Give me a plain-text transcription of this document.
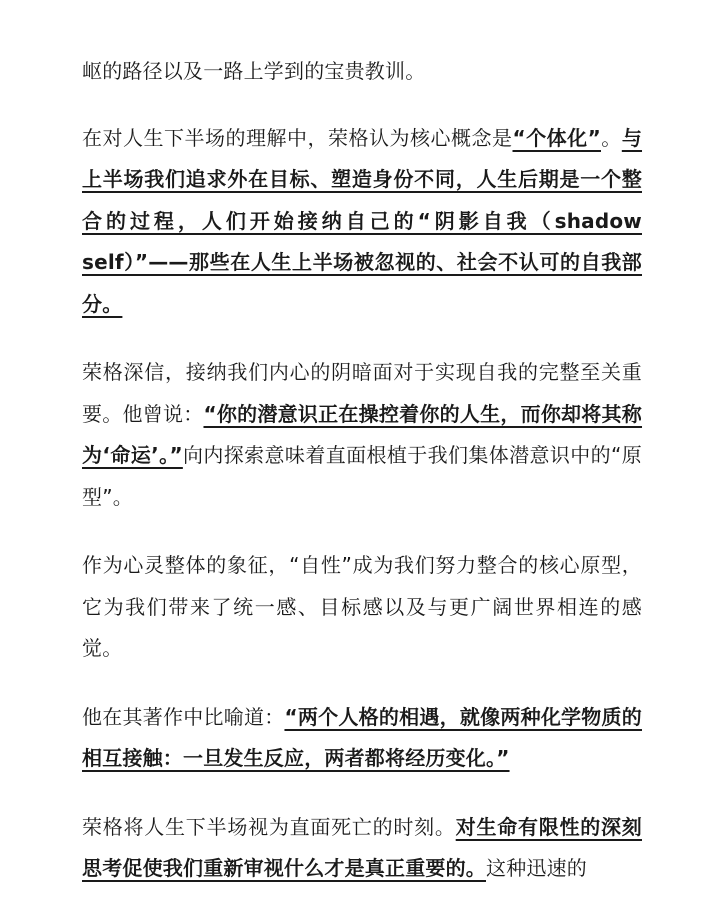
岖的路径以及一路上学到的宝贵教训。

在对人生下半场的理解中，荣格认为核心概念是“个体化”。与上半场我们追求外在目标、塑造身份不同，人生后期是一个整合的过程，人们开始接纳自己的“阴影自我（shadow self）”——那些在人生上半场被忽视的、社会不认可的自我部分。

荣格深信，接纳我们内心的阴暗面对于实现自我的完整至关重要。他曾说：“你的潜意识正在操控着你的人生，而你却将其称为‘命运’。”向内探索意味着直面根植于我们集体潜意识中的“原型”。

作为心灵整体的象征，“自性”成为我们努力整合的核心原型，它为我们带来了统一感、目标感以及与更广阔世界相连的感觉。

他在其著作中比喻道：“两个人格的相遇，就像两种化学物质的相互接触：一旦发生反应，两者都将经历变化。”

荣格将人生下半场视为直面死亡的时刻。对生命有限性的深刻思考促使我们重新审视什么才是真正重要的。这种迅速的
